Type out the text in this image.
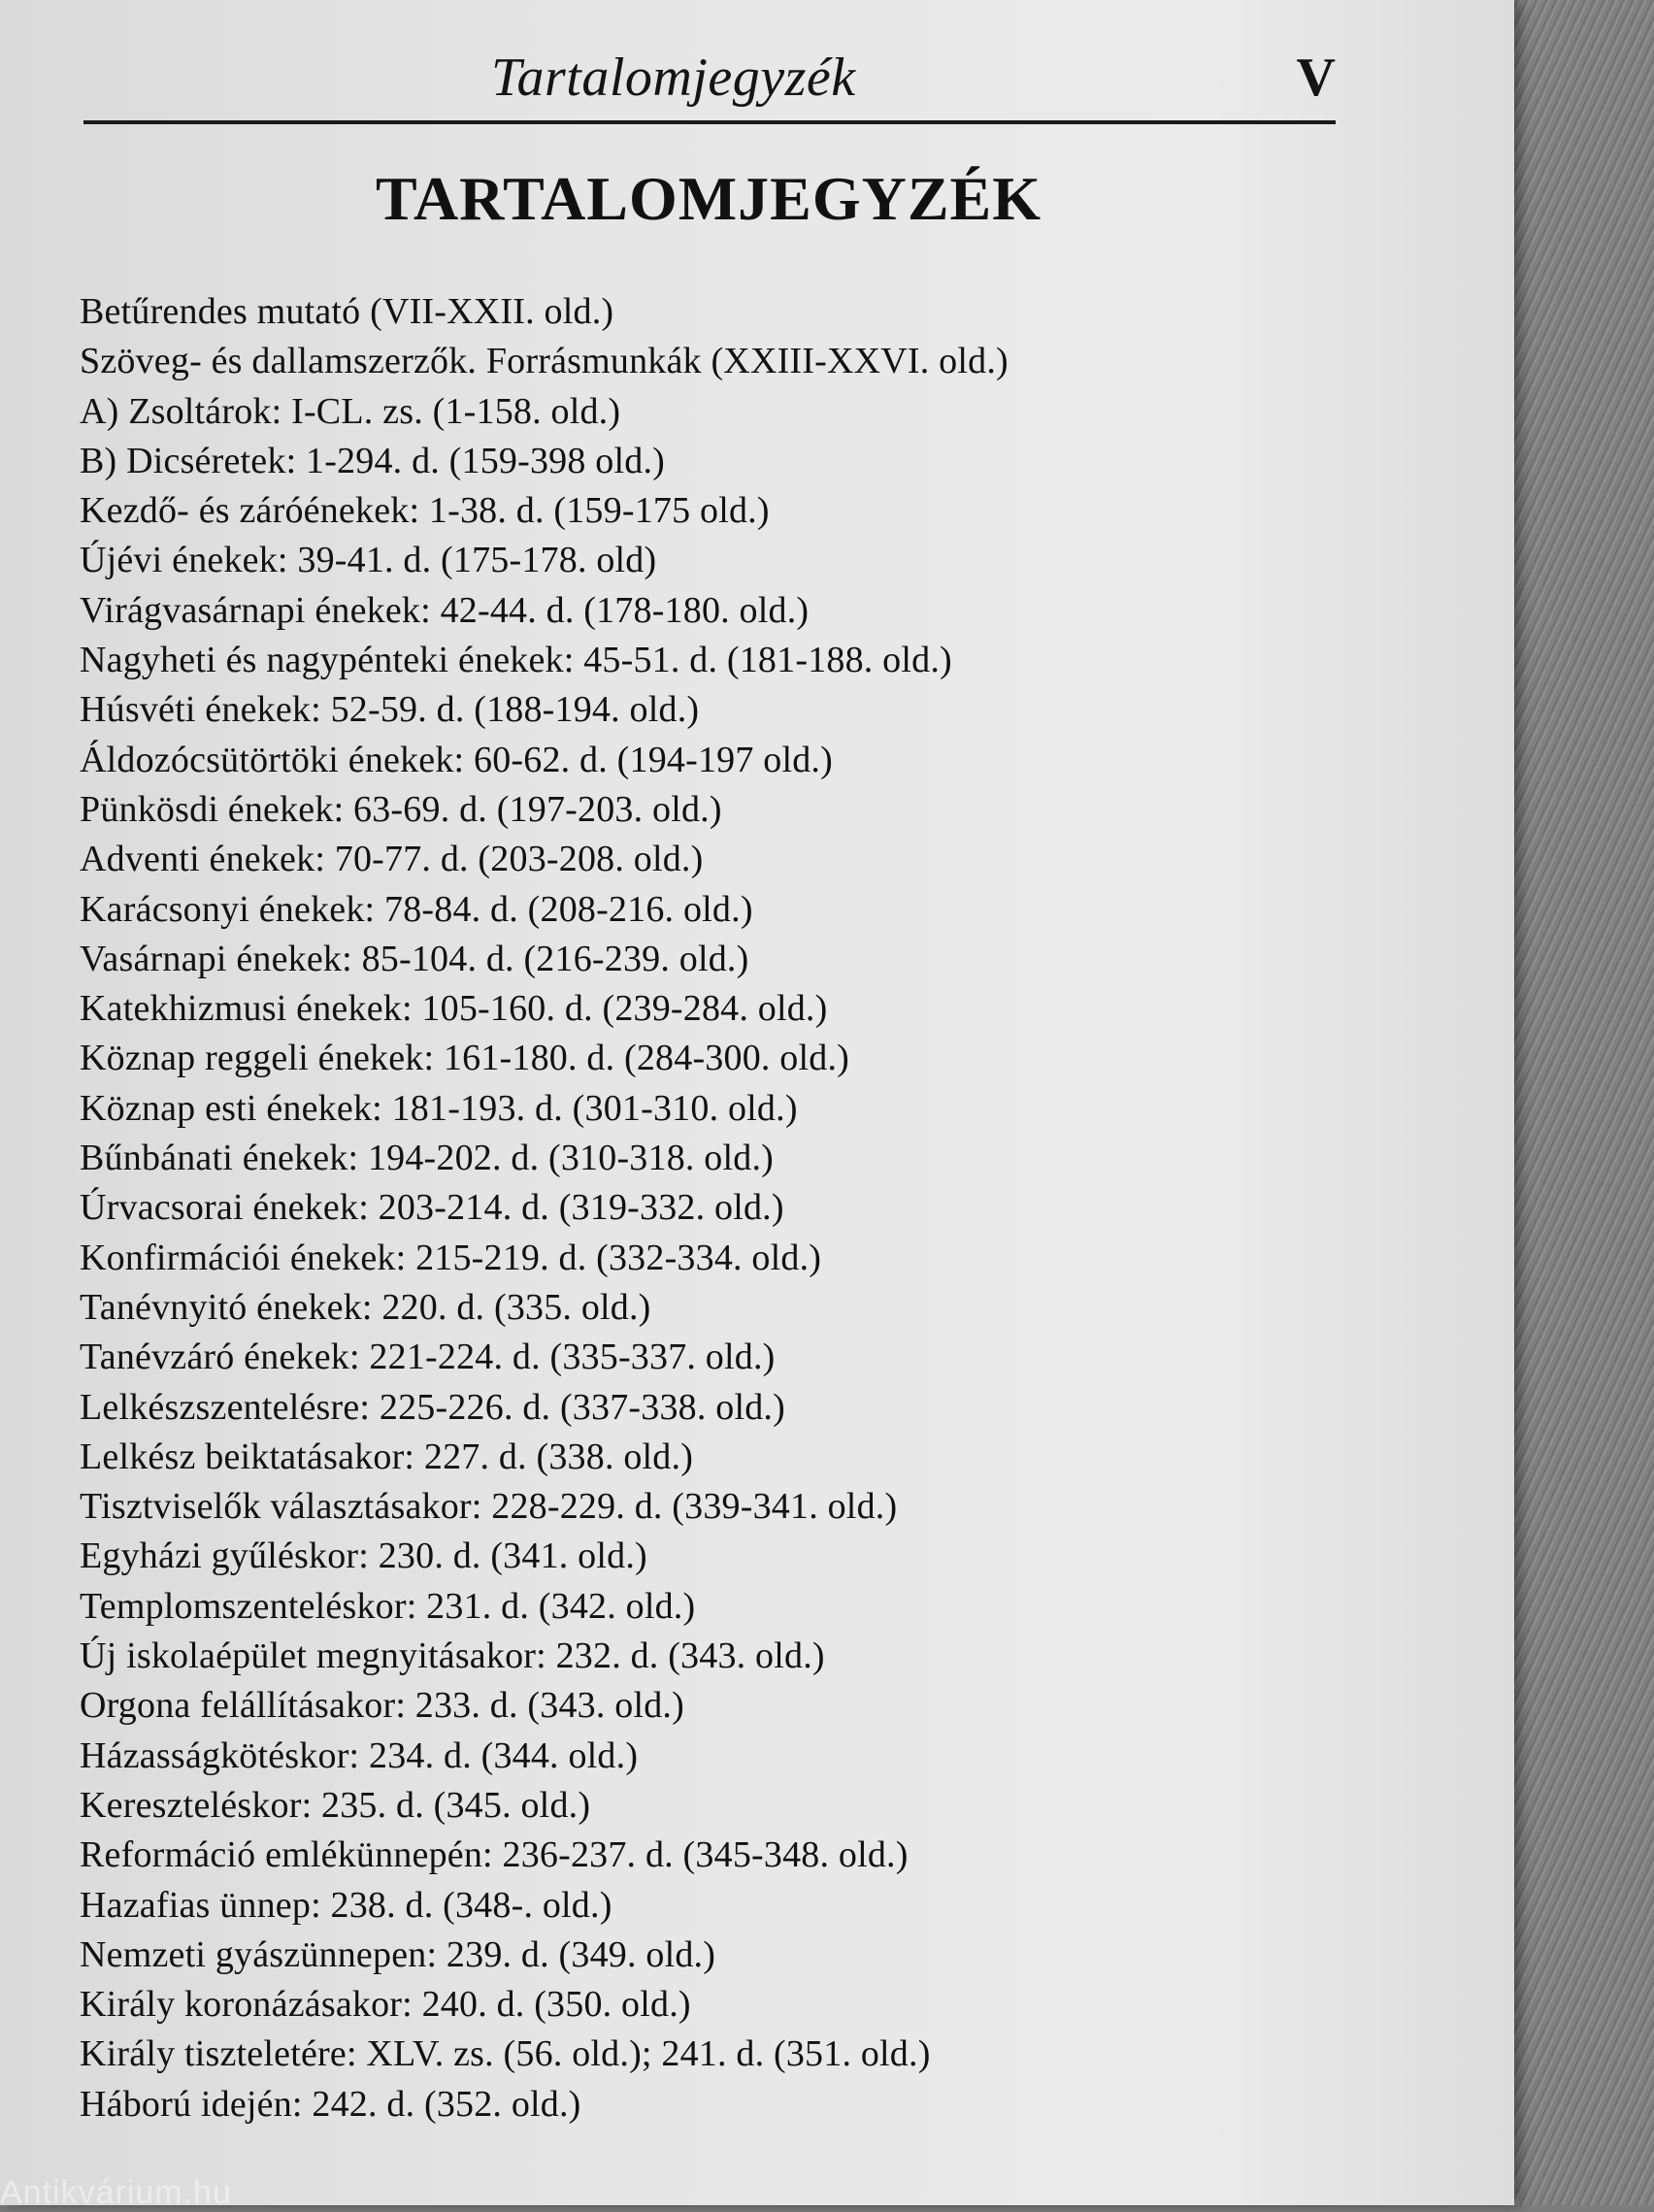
Tartalomjegyzék	V
TARTALOMJEGYZÉK
Betűrendes mutató (VII-XXII. old.)
Szöveg- és dallamszerzők. Forrásmunkák (XXIII-XXVI. old.)
A) Zsoltárok: I-CL. zs. (1-158. old.)
B) Dicséretek: 1-294. d. (159-398 old.)
Kezdő- és záróénekek: 1-38. d. (159-175 old.)
Újévi énekek: 39-41. d. (175-178. old)
Virágvasárnapi énekek: 42-44. d. (178-180. old.)
Nagyheti és nagypénteki énekek: 45-51. d. (181-188. old.)
Húsvéti énekek: 52-59. d. (188-194. old.)
Áldozócsütörtöki énekek: 60-62. d. (194-197 old.)
Pünkösdi énekek: 63-69. d. (197-203. old.)
Adventi énekek: 70-77. d. (203-208. old.)
Karácsonyi énekek: 78-84. d. (208-216. old.)
Vasárnapi énekek: 85-104. d. (216-239. old.)
Katekhizmusi énekek: 105-160. d. (239-284. old.)
Köznap reggeli énekek: 161-180. d. (284-300. old.)
Köznap esti énekek: 181-193. d. (301-310. old.)
Bűnbánati énekek: 194-202. d. (310-318. old.)
Úrvacsorai énekek: 203-214. d. (319-332. old.)
Konfirmációi énekek: 215-219. d. (332-334. old.)
Tanévnyitó énekek: 220. d. (335. old.)
Tanévzáró énekek: 221-224. d. (335-337. old.)
Lelkészszentelésre: 225-226. d. (337-338. old.)
Lelkész beiktatásakor: 227. d. (338. old.)
Tisztviselők választásakor: 228-229. d. (339-341. old.)
Egyházi gyűléskor: 230. d. (341. old.)
Templomszenteléskor: 231. d. (342. old.)
Új iskolaépület megnyitásakor: 232. d. (343. old.)
Orgona felállításakor: 233. d. (343. old.)
Házasságkötéskor: 234. d. (344. old.)
Kereszteléskor: 235. d. (345. old.)
Reformáció emlékünnepén: 236-237. d. (345-348. old.)
Hazafias ünnep: 238. d. (348-. old.)
Nemzeti gyászünnepen: 239. d. (349. old.)
Király koronázásakor: 240. d. (350. old.)
Király tiszteletére: XLV. zs. (56. old.); 241. d. (351. old.)
Háború idején: 242. d. (352. old.)
Antikvárium.hu
